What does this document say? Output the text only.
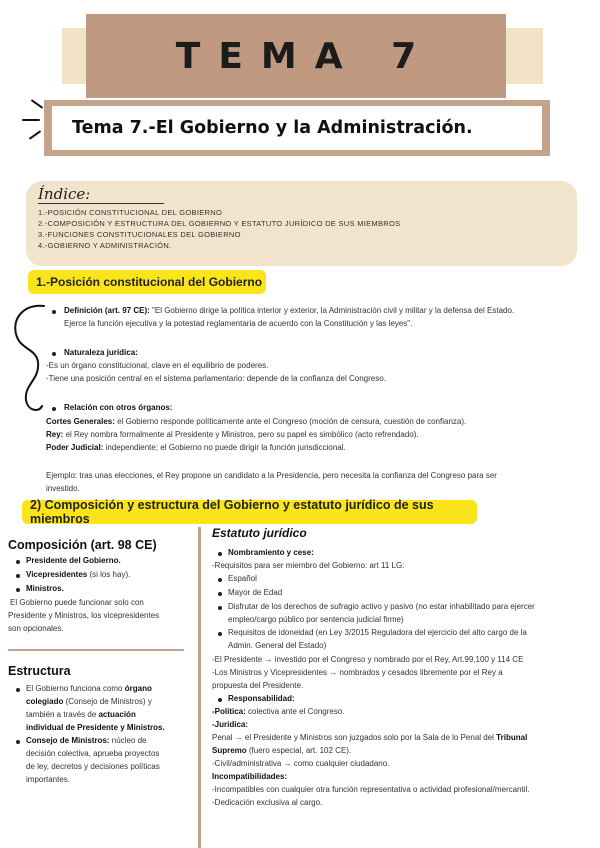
TEMA 7
Tema 7.-El Gobierno y la Administración.
Índice:
1.-POSICIÓN CONSTITUCIONAL DEL GOBIERNO
2.-COMPOSICIÓN Y ESTRUCTURA DEL GOBIERNO Y ESTATUTO JURÍDICO DE SUS MIEMBROS
3.-FUNCIONES CONSTITUCIONALES DEL GOBIERNO
4.-GOBIERNO Y ADMINISTRACIÓN.
1.-Posición constitucional del Gobierno
Definición (art. 97 CE): "El Gobierno dirige la política interior y exterior, la Administración civil y militar y la defensa del Estado.
Ejerce la función ejecutiva y la potestad reglamentaria de acuerdo con la Constitución y las leyes".
Naturaleza jurídica:
-Es un órgano constitucional, clave en el equilibrio de poderes.
-Tiene una posición central en el sistema parlamentario: depende de la confianza del Congreso.
Relación con otros órganos:
Cortes Generales: el Gobierno responde políticamente ante el Congreso (moción de censura, cuestión de confianza).
Rey: el Rey nombra formalmente al Presidente y Ministros, pero su papel es simbólico (acto refrendado).
Poder Judicial: independiente; el Gobierno no puede dirigir la función jurisdiccional.
Ejemplo: tras unas elecciones, el Rey propone un candidato a la Presidencia, pero necesita la confianza del Congreso para ser
investido.
2) Composición y estructura del Gobierno y estatuto jurídico de sus miembros
Composición (art. 98 CE)
Presidente del Gobierno.
Vicepresidentes (si los hay).
Ministros.
El Gobierno puede funcionar solo con
Presidente y Ministros, los vicepresidentes
son opcionales.
Estructura
El Gobierno funciona como órgano
colegiado (Consejo de Ministros) y
también a través de actuación
individual de Presidente y Ministros.
Consejo de Ministros: núcleo de
decisión colectiva, aprueba proyectos
de ley, decretos y decisiones políticas
importantes.
Estatuto jurídico
Nombramiento y cese:
-Requisitos para ser miembro del Gobierno: art 11 LG:
Español
Mayor de Edad
Disfrutar de los derechos de sufragio activo y pasivo (no estar inhabilitado para ejercer
empleo/cargo público por sentencia judicial firme)
Requisitos de idoneidad (en Ley 3/2015 Reguladora del ejercicio del alto cargo de la
Admin. General del Estado)
-El Presidente → investido por el Congreso y nombrado por el Rey, Art.99,100 y 114 CE
-Los Ministros y Vicepresidentes → nombrados y cesados libremente por el Rey a
propuesta del Presidente.
Responsabilidad:
-Política: colectiva ante el Congreso.
-Jurídica:
Penal → el Presidente y Ministros son juzgados solo por la Sala de lo Penal del Tribunal
Supremo (fuero especial, art. 102 CE).
-Civil/administrativa → como cualquier ciudadano.
Incompatibilidades:
-Incompatibles con cualquier otra función representativa o actividad profesional/mercantil.
-Dedicación exclusiva al cargo.
